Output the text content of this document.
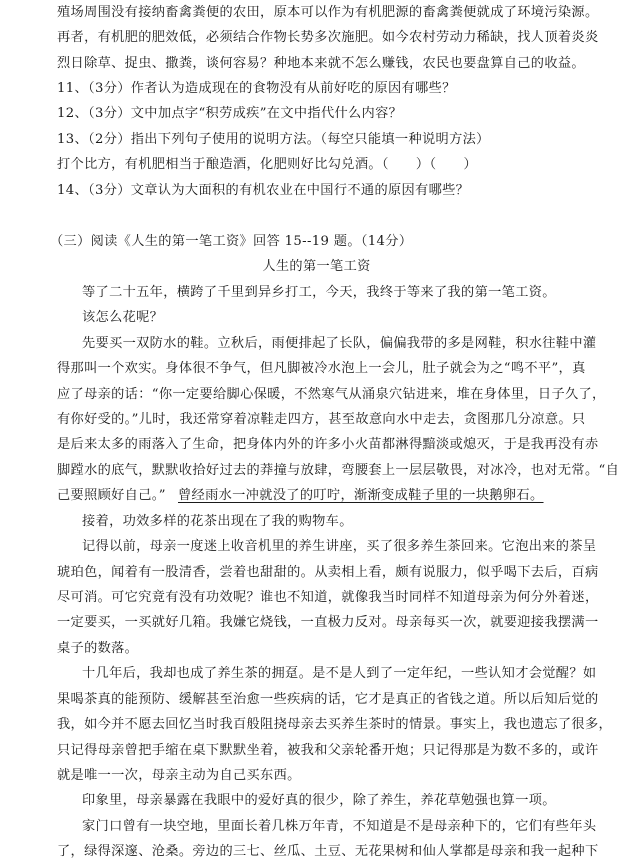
殖场周围没有接纳畜禽粪便的农田，原本可以作为有机肥源的畜禽粪便就成了环境污染源。
再者，有机肥的肥效低，必须结合作物长势多次施肥。如今农村劳动力稀缺，找人顶着炎炎
烈日除草、捉虫、撒粪，谈何容易？种地本来就不怎么赚钱，农民也要盘算自己的收益。
11、（3分）作者认为造成现在的食物没有从前好吃的原因有哪些？
12、（3分）文中加点字“积劳成疾”在文中指代什么内容？
13、（2分）指出下列句子使用的说明方法。（每空只能填一种说明方法）
打个比方，有机肥相当于酿造酒，化肥则好比勾兑酒。（　　）（　　）
14、（3分）文章认为大面积的有机农业在中国行不通的原因有哪些？
（三）阅读《人生的第一笔工资》回答 15--19 题。（14分）
人生的第一笔工资
等了二十五年，横跨了千里到异乡打工，今天，我终于等来了我的第一笔工资。
该怎么花呢？
先要买一双防水的鞋。立秋后，雨便排起了长队，偏偏我带的多是网鞋，积水往鞋中灌
得那叫一个欢实。身体很不争气，但凡脚被冷水泡上一会儿，肚子就会为之“鸣不平”，真
应了母亲的话：“你一定要给脚心保暖，不然寒气从涌泉穴钻进来，堆在身体里，日子久了，
有你好受的。”儿时，我还常穿着凉鞋走四方，甚至故意向水中走去，贪图那几分凉意。只
是后来太多的雨落入了生命，把身体内外的许多小火苗都淋得黯淡或熄灭，于是我再没有赤
脚蹚水的底气，默默收拾好过去的莽撞与放肆，弯腰套上一层层敬畏，对冰冷，也对无常。“自
己要照顾好自己。” 曾经雨水一冲就没了的叮咛，渐渐变成鞋子里的一块鹅卵石。
接着，功效多样的花茶出现在了我的购物车。
记得以前，母亲一度迷上收音机里的养生讲座，买了很多养生茶回来。它泡出来的茶呈
琥珀色，闻着有一股清香，尝着也甜甜的。从卖相上看，颇有说服力，似乎喝下去后，百病
尽可消。可它究竟有没有功效呢？谁也不知道，就像我当时同样不知道母亲为何分外着迷，
一定要买，一买就好几箱。我嫌它烧钱，一直极力反对。母亲每买一次，就要迎接我摆满一
桌子的数落。
十几年后，我却也成了养生茶的拥趸。是不是人到了一定年纪，一些认知才会觉醒？如
果喝茶真的能预防、缓解甚至治愈一些疾病的话，它才是真正的省钱之道。所以后知后觉的
我，如今并不愿去回忆当时我百般阻挠母亲去买养生茶时的情景。事实上，我也遗忘了很多，
只记得母亲曾把手缩在桌下默默坐着，被我和父亲轮番开炮；只记得那是为数不多的，或许
就是唯一一次，母亲主动为自己买东西。
印象里，母亲暴露在我眼中的爱好真的很少，除了养生，养花草勉强也算一项。
家门口曾有一块空地，里面长着几株万年青，不知道是不是母亲种下的，它们有些年头
了，绿得深邃、沧桑。旁边的三七、丝瓜、土豆、无花果树和仙人掌都是母亲和我一起种下
